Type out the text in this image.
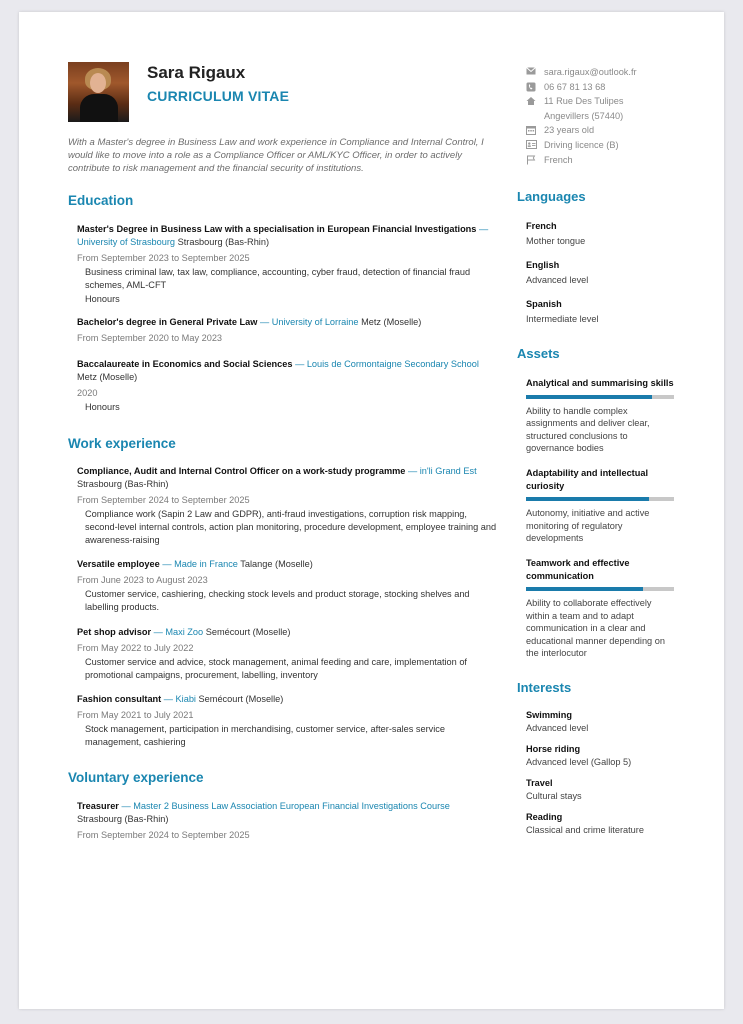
Sara Rigaux
CURRICULUM VITAE
With a Master's degree in Business Law and work experience in Compliance and Internal Control, I would like to move into a role as a Compliance Officer or AML/KYC Officer, in order to actively contribute to risk management and the financial security of institutions.
Education
Master's Degree in Business Law with a specialisation in European Financial Investigations — University of Strasbourg Strasbourg (Bas-Rhin)
From September 2023 to September 2025
Business criminal law, tax law, compliance, accounting, cyber fraud, detection of financial fraud schemes, AML-CFT
Honours
Bachelor's degree in General Private Law — University of Lorraine Metz (Moselle)
From September 2020 to May 2023
Baccalaureate in Economics and Social Sciences — Louis de Cormontaigne Secondary School Metz (Moselle)
2020
Honours
Work experience
Compliance, Audit and Internal Control Officer on a work-study programme — in'li Grand Est Strasbourg (Bas-Rhin)
From September 2024 to September 2025
Compliance work (Sapin 2 Law and GDPR), anti-fraud investigations, corruption risk mapping, second-level internal controls, action plan monitoring, procedure development, employee training and awareness-raising
Versatile employee — Made in France Talange (Moselle)
From June 2023 to August 2023
Customer service, cashiering, checking stock levels and product storage, stocking shelves and labelling products.
Pet shop advisor — Maxi Zoo Semécourt (Moselle)
From May 2022 to July 2022
Customer service and advice, stock management, animal feeding and care, implementation of promotional campaigns, procurement, labelling, inventory
Fashion consultant — Kiabi Semécourt (Moselle)
From May 2021 to July 2021
Stock management, participation in merchandising, customer service, after-sales service management, cashiering
Voluntary experience
Treasurer — Master 2 Business Law Association European Financial Investigations Course Strasbourg (Bas-Rhin)
From September 2024 to September 2025
sara.rigaux@outlook.fr
06 67 81 13 68
11 Rue Des Tulipes
Angevillers (57440)
23 years old
Driving licence (B)
French
Languages
French
Mother tongue
English
Advanced level
Spanish
Intermediate level
Assets
Analytical and summarising skills
Ability to handle complex assignments and deliver clear, structured conclusions to governance bodies
Adaptability and intellectual curiosity
Autonomy, initiative and active monitoring of regulatory developments
Teamwork and effective communication
Ability to collaborate effectively within a team and to adapt communication in a clear and educational manner depending on the interlocutor
Interests
Swimming
Advanced level
Horse riding
Advanced level (Gallop 5)
Travel
Cultural stays
Reading
Classical and crime literature
